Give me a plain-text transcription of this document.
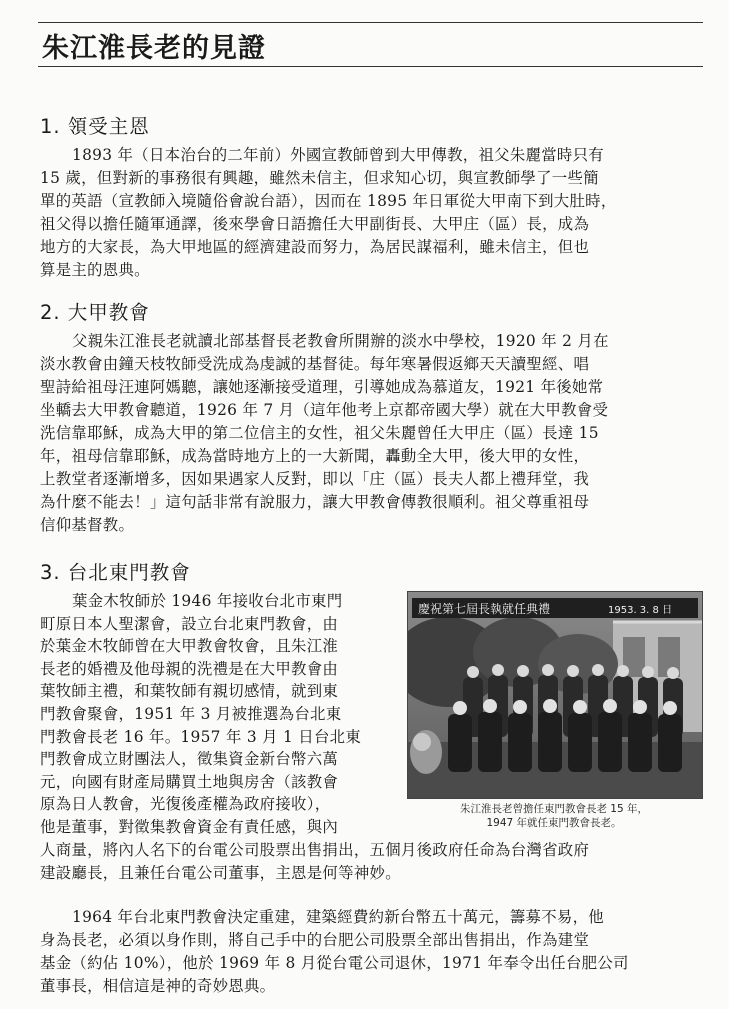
朱江淮長老的見證
1. 領受主恩
1893 年（日本治台的二年前）外國宣教師曾到大甲傳教，祖父朱麗當時只有
15 歲，但對新的事務很有興趣，雖然未信主，但求知心切，與宣教師學了一些簡
單的英語（宣教師入境隨俗會說台語），因而在 1895 年日軍從大甲南下到大肚時，
祖父得以擔任隨軍通譯，後來學會日語擔任大甲副街長、大甲庄（區）長，成為
地方的大家長，為大甲地區的經濟建設而努力，為居民謀福利，雖未信主，但也
算是主的恩典。
2. 大甲教會
父親朱江淮長老就讀北部基督長老教會所開辦的淡水中學校，1920 年 2 月在
淡水教會由鐘天枝牧師受洗成為虔誠的基督徒。每年寒暑假返鄉天天讀聖經、唱
聖詩給祖母汪連阿媽聽，讓她逐漸接受道理，引導她成為慕道友，1921 年後她常
坐轎去大甲教會聽道，1926 年 7 月（這年他考上京都帝國大學）就在大甲教會受
洗信靠耶穌，成為大甲的第二位信主的女性，祖父朱麗曾任大甲庄（區）長達 15
年，祖母信靠耶穌，成為當時地方上的一大新聞，轟動全大甲，後大甲的女性，
上教堂者逐漸增多，因如果遇家人反對，即以「庄（區）長夫人都上禮拜堂，我
為什麼不能去！」這句話非常有說服力，讓大甲教會傳教很順利。祖父尊重祖母
信仰基督教。
3. 台北東門教會
葉金木牧師於 1946 年接收台北市東門
町原日本人聖潔會，設立台北東門教會，由
於葉金木牧師曾在大甲教會牧會，且朱江淮
長老的婚禮及他母親的洗禮是在大甲教會由
葉牧師主禮，和葉牧師有親切感情，就到東
門教會聚會，1951 年 3 月被推選為台北東
門教會長老 16 年。1957 年 3 月 1 日台北東
門教會成立財團法人，徵集資金新台幣六萬
元，向國有財產局購買土地與房舍（該教會
原為日人教會，光復後產權為政府接收），
他是董事，對徵集教會資金有責任感，與內
人商量，將內人名下的台電公司股票出售捐出，五個月後政府任命為台灣省政府
建設廳長，且兼任台電公司董事，主恩是何等神妙。
1964 年台北東門教會決定重建，建築經費約新台幣五十萬元，籌募不易，他
身為長老，必須以身作則，將自己手中的台肥公司股票全部出售捐出，作為建堂
基金（約佔 10%），他於 1969 年 8 月從台電公司退休，1971 年奉令出任台肥公司
董事長，相信這是神的奇妙恩典。
慶祝第七屆長執就任典禮	1953. 3. 8 日
朱江淮長老曾擔任東門教會長老 15 年，
1947 年就任東門教會長老。
